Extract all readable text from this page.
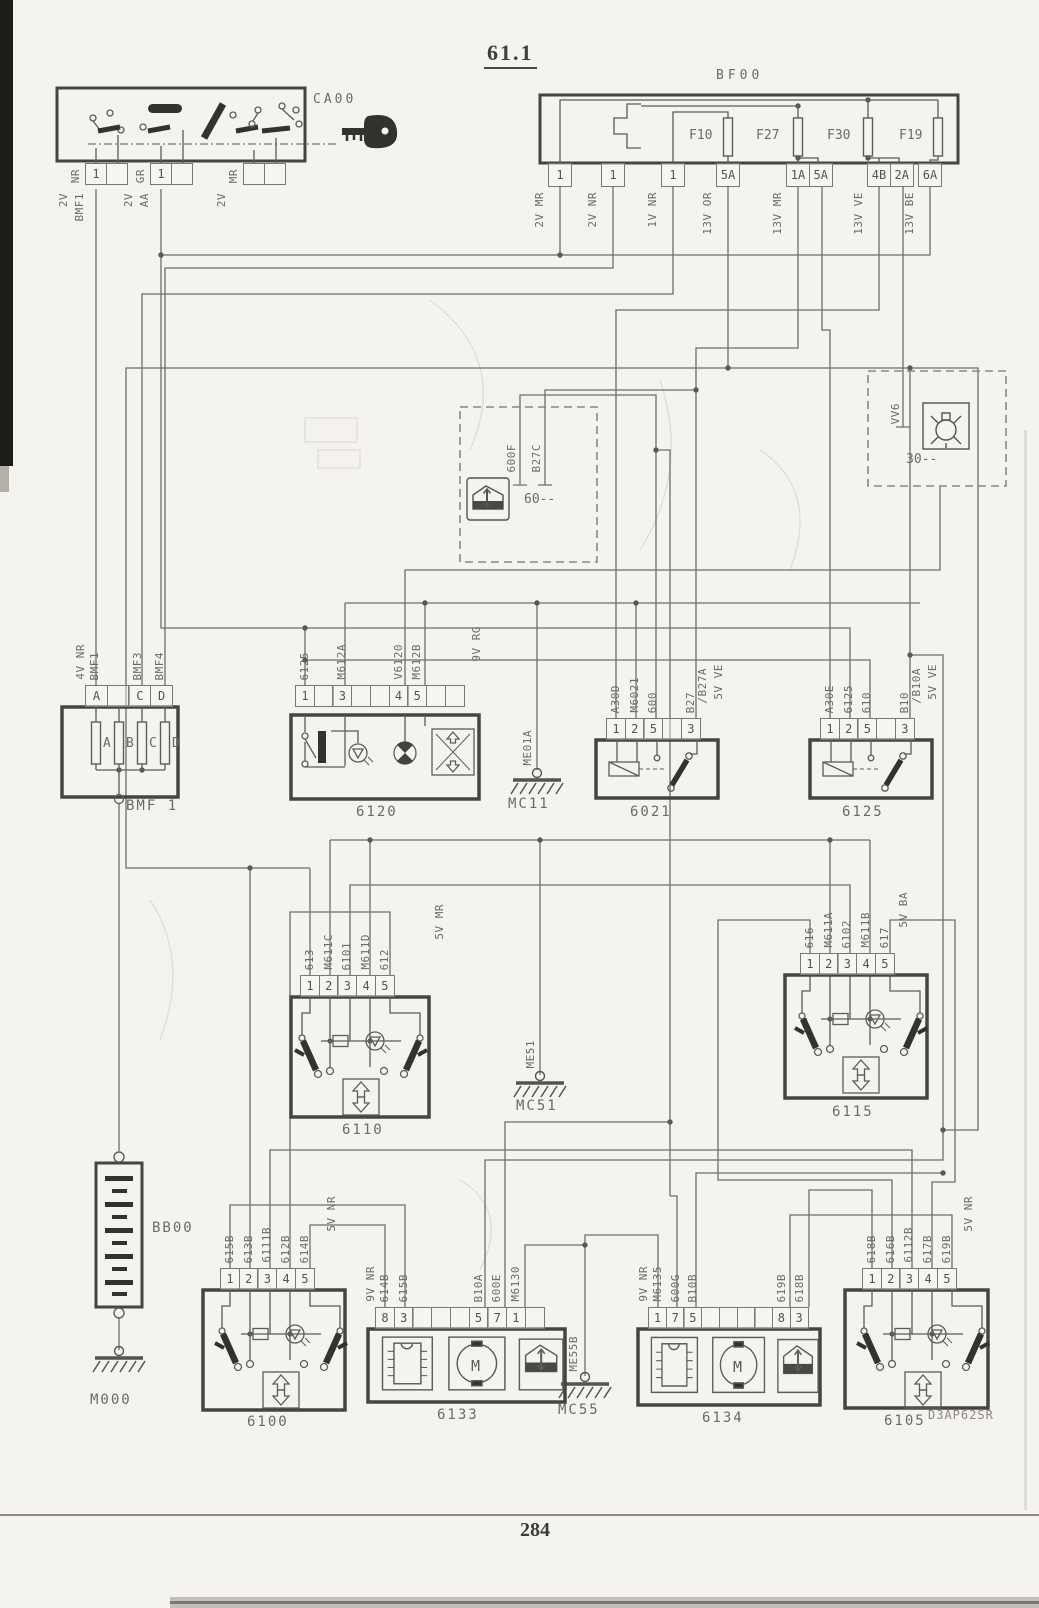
61.1
284
D3AP62SR
CA00
1
NR
2V BMF1
1
GR
2V AA
MR
2V
BF00
F10	F27	F30	F19
1
2V MR
1
2V NR
1
1V NR
5A
13V OR
1A 5A
13V MR
4B 2A
13V VE
6A
13V BE
600F B27C
60--
VV6
30--
A
BMF1
4V NR
C
BMF3
D
BMF4
A B C D
BMF 1
1
6125
3
M612A
4
V6120
5
M612B
9V RG
6120
1
A30D
2
M6021
5
600
3
B27 /B27A 5V VE
6021
1
A30E
2
6125
5
610
3
B10 /B10A 5V VE
6125
1
613
2
M611C
3
6101
4
M611D
5
612
5V MR
6110
1
616
2
M611A
3
6102
4
M611B
5
617
5V BA
6115
1
615B
2
613B
3
6111B
4
612B
5
614B
5V NR
6100
1
618B
2
616B
3
6112B
4
617B
5
619B
5V NR
6105
8
614B
9V NR
3
615B
5
B10A
7
600E
1
M6130
6133
M
1
M6135
9V NR
7
600G
5
B10B
8
619B
3
618B
6134
M
BB00
M000
MC11
ME01A
MC51
ME51
MC55
ME55B
